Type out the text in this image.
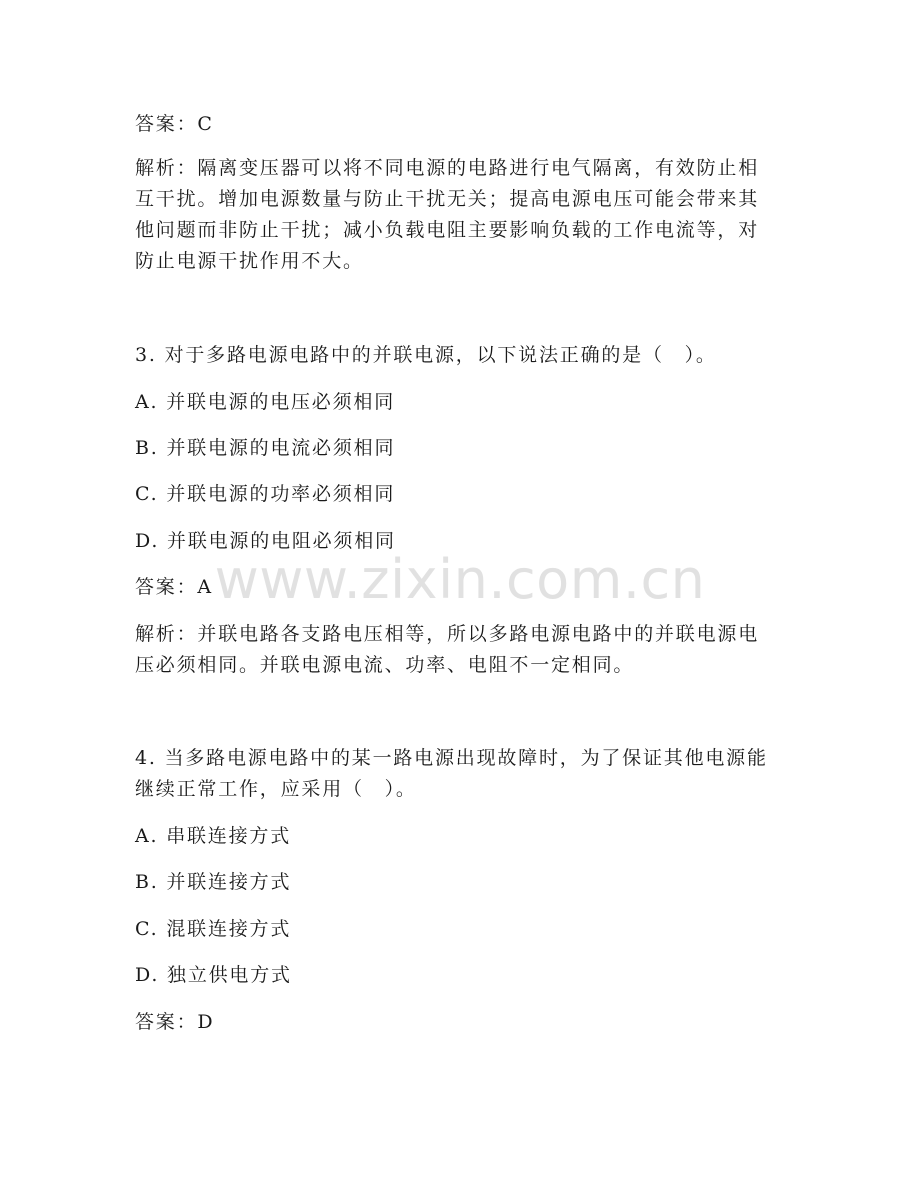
www.zixin.com.cn
答案：C
解析：隔离变压器可以将不同电源的电路进行电气隔离，有效防止相
互干扰。增加电源数量与防止干扰无关；提高电源电压可能会带来其
他问题而非防止干扰；减小负载电阻主要影响负载的工作电流等，对
防止电源干扰作用不大。
3. 对于多路电源电路中的并联电源，以下说法正确的是（　）。
A. 并联电源的电压必须相同
B. 并联电源的电流必须相同
C. 并联电源的功率必须相同
D. 并联电源的电阻必须相同
答案：A
解析：并联电路各支路电压相等，所以多路电源电路中的并联电源电
压必须相同。并联电源电流、功率、电阻不一定相同。
4. 当多路电源电路中的某一路电源出现故障时，为了保证其他电源能
继续正常工作，应采用（　）。
A. 串联连接方式
B. 并联连接方式
C. 混联连接方式
D. 独立供电方式
答案：D
